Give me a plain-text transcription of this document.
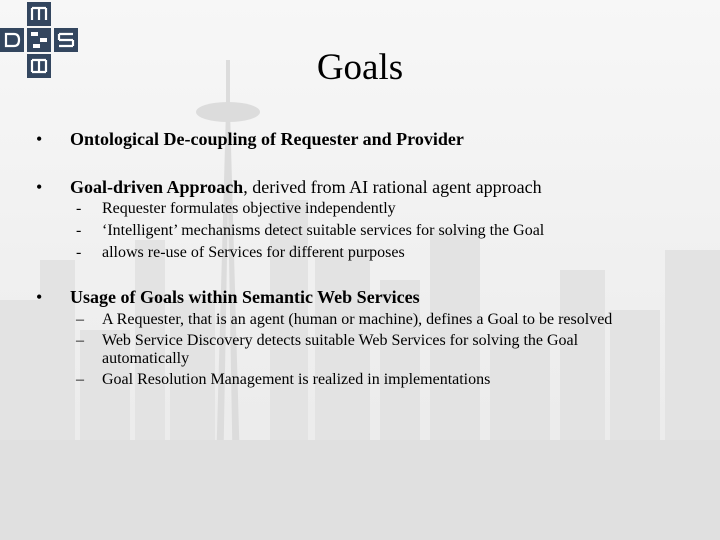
Goals
• Ontological De-coupling of Requester and Provider
• Goal-driven Approach, derived from AI rational agent approach
- Requester formulates objective independently
- ‘Intelligent’ mechanisms detect suitable services for solving the Goal
- allows re-use of Services for different purposes
• Usage of Goals within Semantic Web Services
– A Requester, that is an agent (human or machine), defines a Goal to be resolved
– Web Service Discovery detects suitable Web Services for solving the Goal automatically
– Goal Resolution Management is realized in implementations
